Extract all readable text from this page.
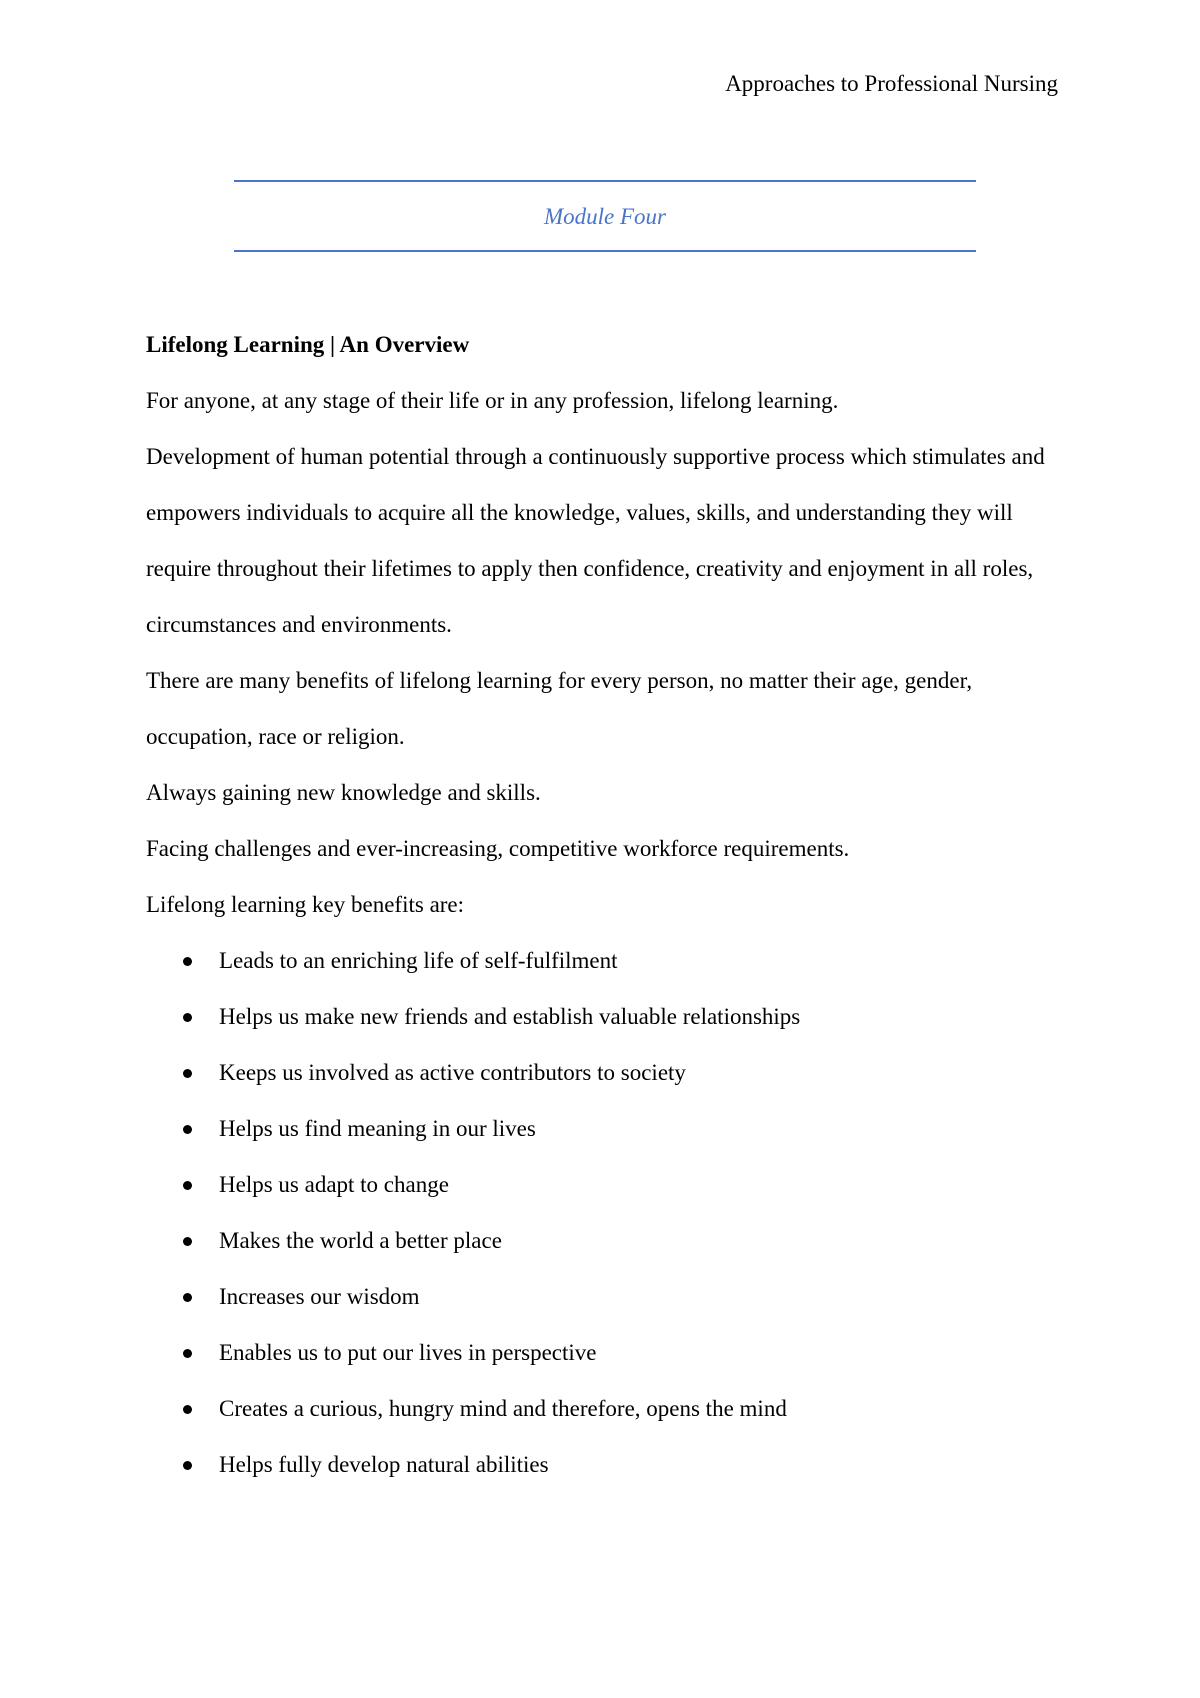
Approaches to Professional Nursing
Module Four

Lifelong Learning | An Overview

For anyone, at any stage of their life or in any profession, lifelong learning.

Development of human potential through a continuously supportive process which stimulates and empowers individuals to acquire all the knowledge, values, skills, and understanding they will require throughout their lifetimes to apply then confidence, creativity and enjoyment in all roles, circumstances and environments.

There are many benefits of lifelong learning for every person, no matter their age, gender, occupation, race or religion.

Always gaining new knowledge and skills.

Facing challenges and ever-increasing, competitive workforce requirements.

Lifelong learning key benefits are:

Leads to an enriching life of self-fulfilment
Helps us make new friends and establish valuable relationships
Keeps us involved as active contributors to society
Helps us find meaning in our lives
Helps us adapt to change
Makes the world a better place
Increases our wisdom
Enables us to put our lives in perspective
Creates a curious, hungry mind and therefore, opens the mind
Helps fully develop natural abilities
